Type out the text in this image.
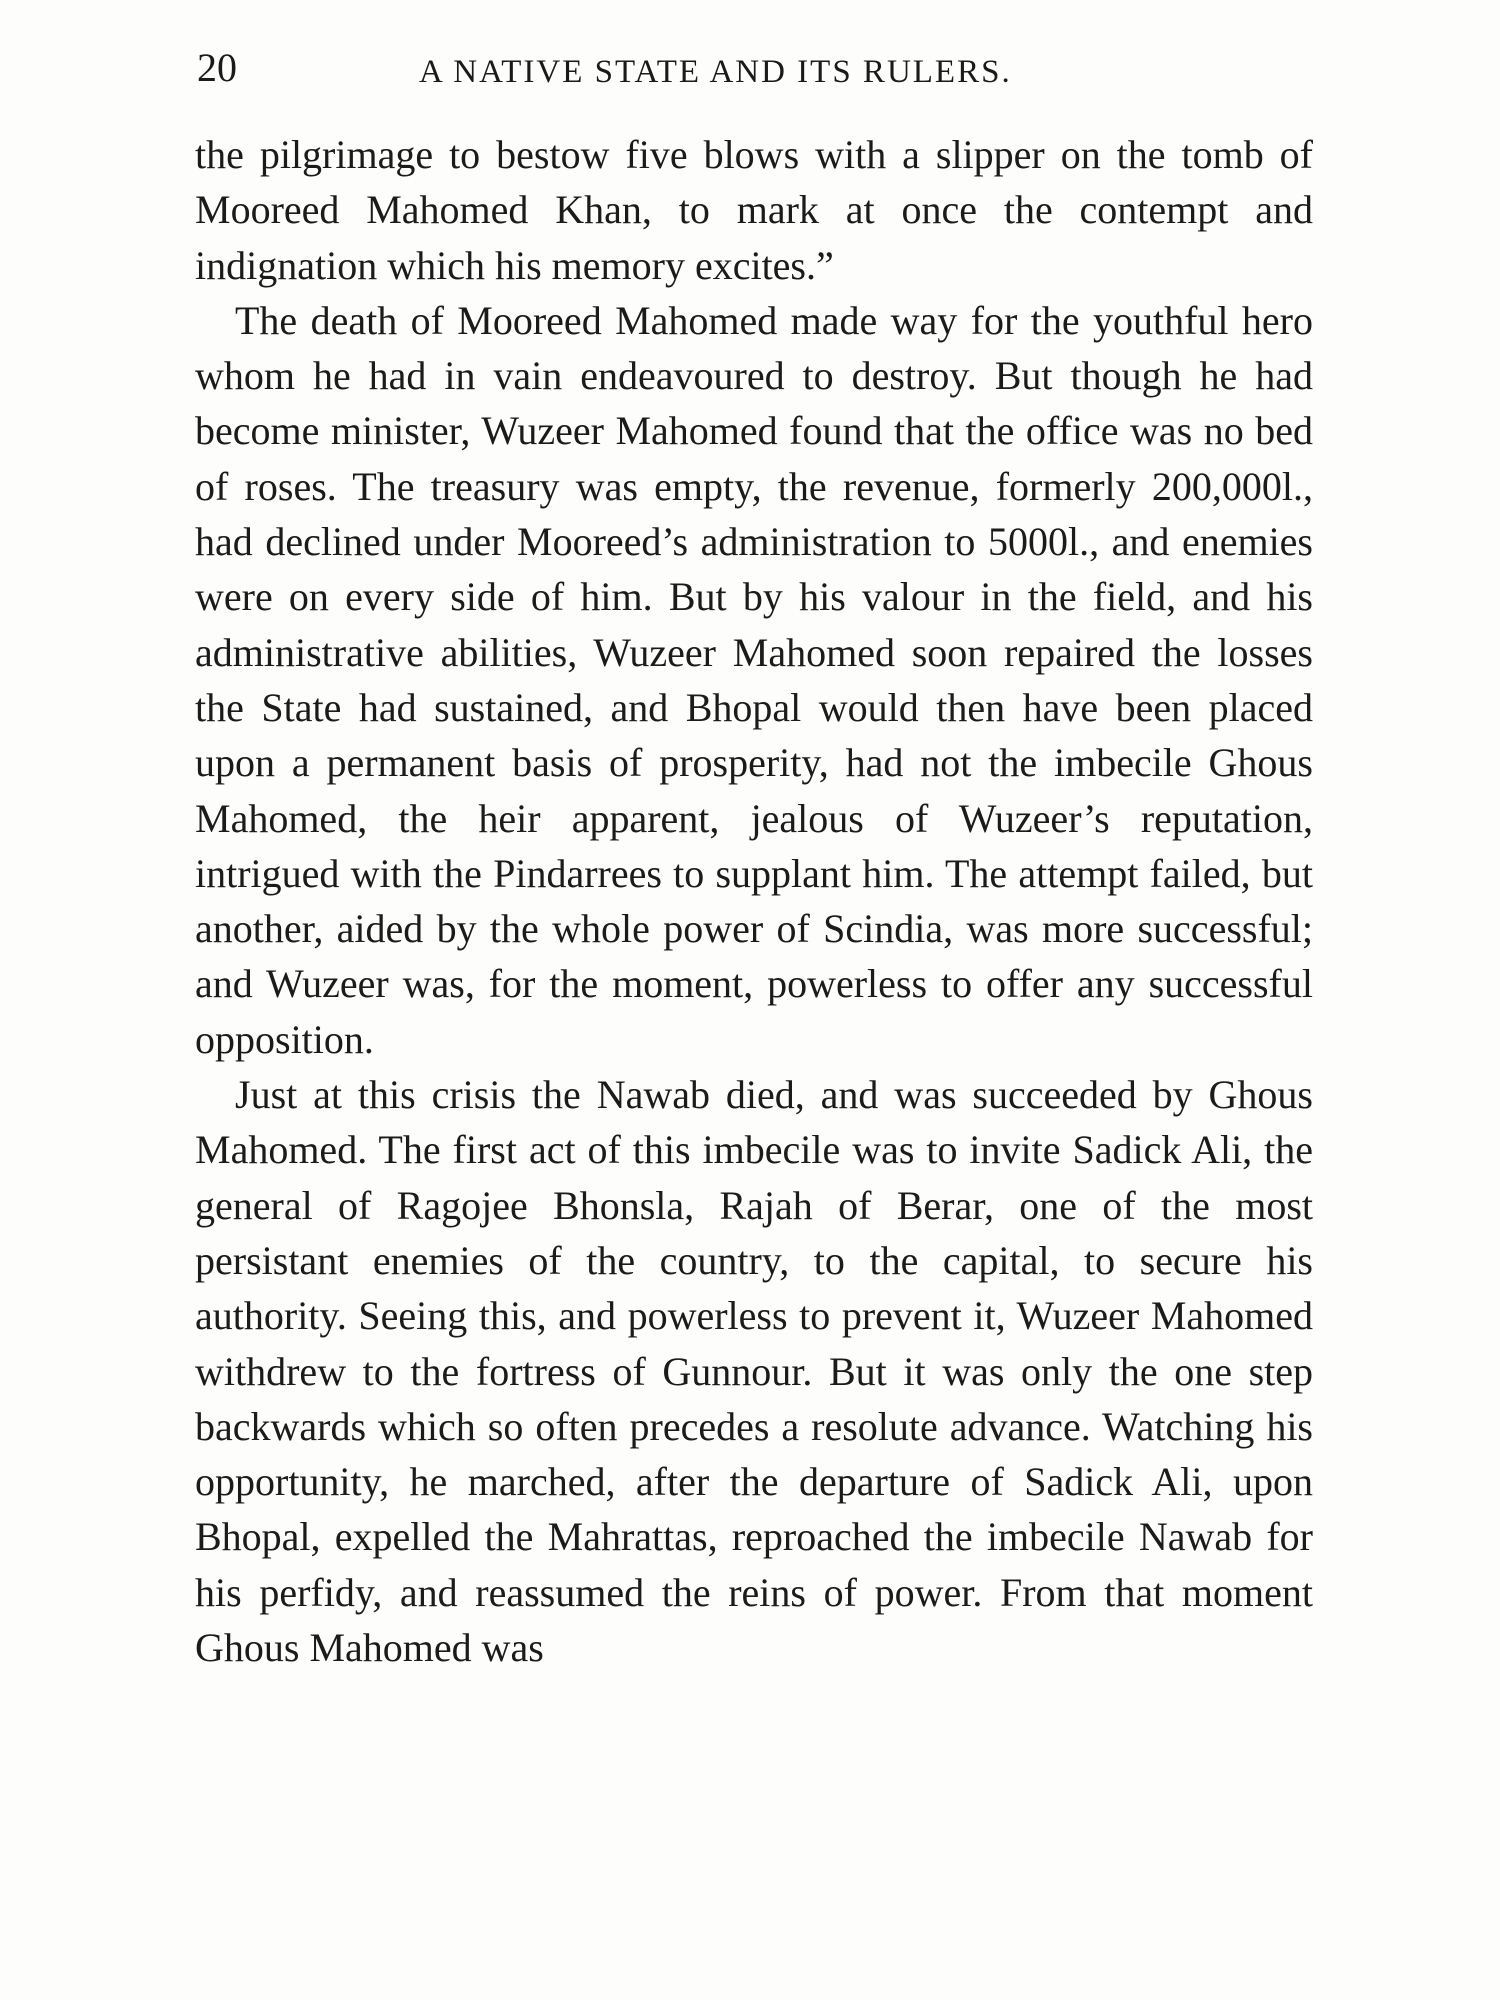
20	A NATIVE STATE AND ITS RULERS.

the pilgrimage to bestow five blows with a slipper on the tomb of Mooreed Mahomed Khan, to mark at once the contempt and indignation which his memory excites.”

The death of Mooreed Mahomed made way for the youthful hero whom he had in vain endeavoured to destroy. But though he had become minister, Wuzeer Mahomed found that the office was no bed of roses. The treasury was empty, the revenue, formerly 200,000l., had declined under Mooreed’s administration to 5000l., and enemies were on every side of him. But by his valour in the field, and his administrative abilities, Wuzeer Mahomed soon repaired the losses the State had sustained, and Bhopal would then have been placed upon a permanent basis of prosperity, had not the imbecile Ghous Mahomed, the heir apparent, jealous of Wuzeer’s reputation, intrigued with the Pindarrees to supplant him. The attempt failed, but another, aided by the whole power of Scindia, was more successful; and Wuzeer was, for the moment, powerless to offer any successful opposition.

Just at this crisis the Nawab died, and was succeeded by Ghous Mahomed. The first act of this imbecile was to invite Sadick Ali, the general of Ragojee Bhonsla, Rajah of Berar, one of the most persistant enemies of the country, to the capital, to secure his authority. Seeing this, and powerless to prevent it, Wuzeer Mahomed withdrew to the fortress of Gunnour. But it was only the one step backwards which so often precedes a resolute advance. Watching his opportunity, he marched, after the departure of Sadick Ali, upon Bhopal, expelled the Mahrattas, reproached the imbecile Nawab for his perfidy, and reassumed the reins of power. From that moment Ghous Mahomed was
